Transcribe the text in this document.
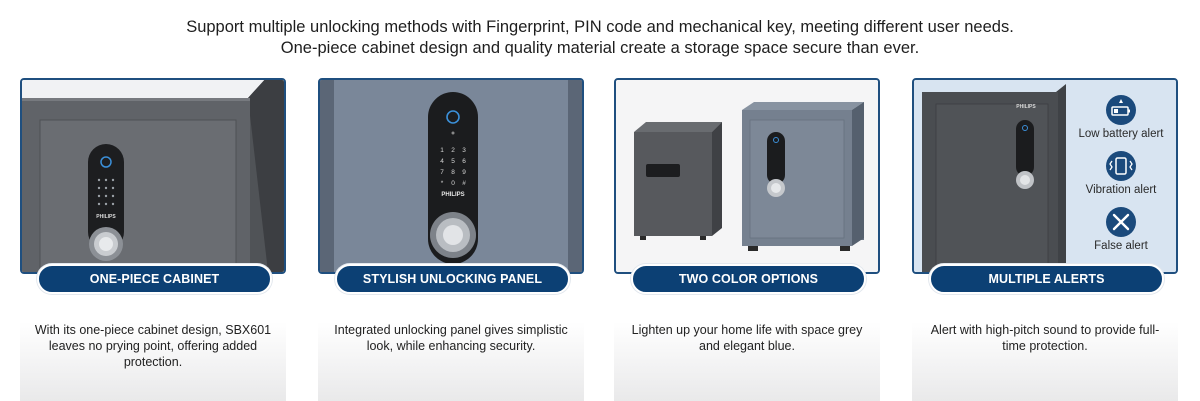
Support multiple unlocking methods with Fingerprint, PIN code and mechanical key, meeting different user needs.
One-piece cabinet design and quality material create a storage space secure than ever.
PHILIPS
ONE-PIECE CABINET
With its one-piece cabinet design, SBX601 leaves no prying point, offering added protection.
1 2 3
4 5 6
7 8 9
* 0 #
PHILIPS
STYLISH UNLOCKING PANEL
Integrated unlocking panel gives simplistic look, while enhancing security.
TWO COLOR OPTIONS
Lighten up your home life with space grey and elegant blue.
PHILIPS
Low battery alert
Vibration alert
False alert
MULTIPLE ALERTS
Alert with high-pitch sound to provide full-time protection.
